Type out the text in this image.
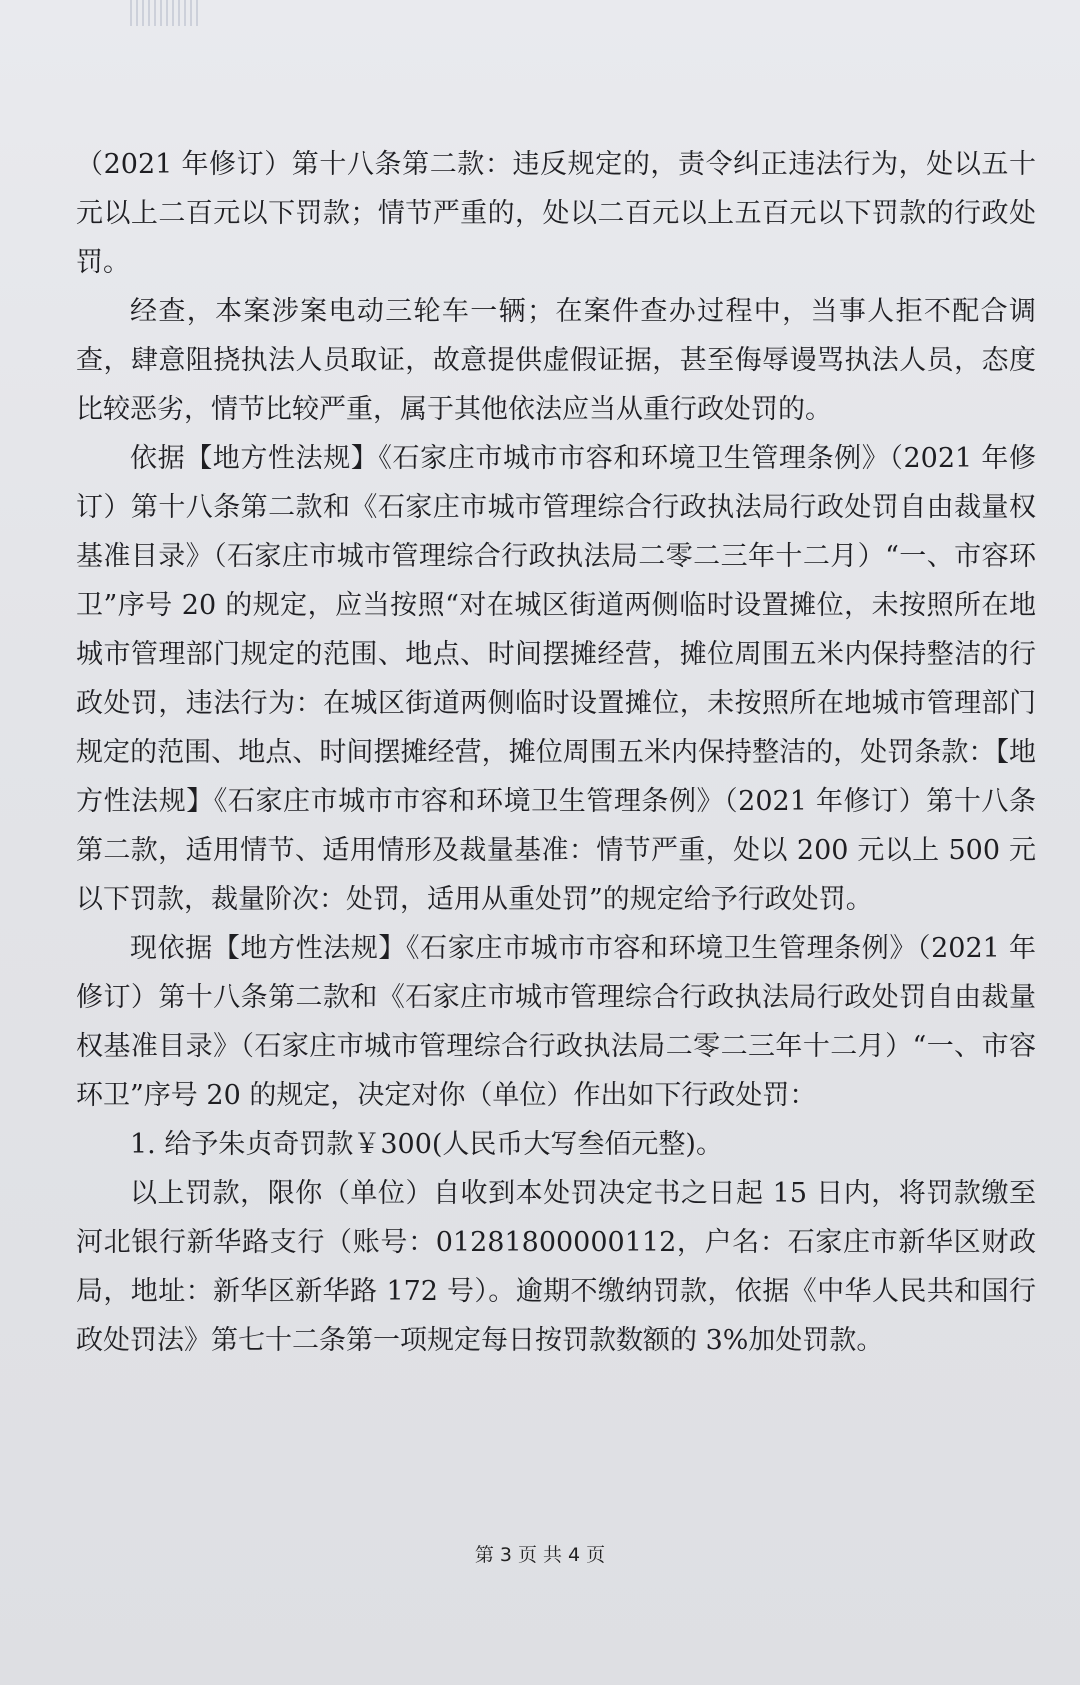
（2021 年修订）第十八条第二款：违反规定的，责令纠正违法行为，处以五十元以上二百元以下罚款；情节严重的，处以二百元以上五百元以下罚款的行政处罚。

经查，本案涉案电动三轮车一辆；在案件查办过程中，当事人拒不配合调查，肆意阻挠执法人员取证，故意提供虚假证据，甚至侮辱谩骂执法人员，态度比较恶劣，情节比较严重，属于其他依法应当从重行政处罚的。

依据【地方性法规】《石家庄市城市市容和环境卫生管理条例》（2021 年修订）第十八条第二款和《石家庄市城市管理综合行政执法局行政处罚自由裁量权基准目录》（石家庄市城市管理综合行政执法局二零二三年十二月）“一、市容环卫”序号 20 的规定，应当按照“对在城区街道两侧临时设置摊位，未按照所在地城市管理部门规定的范围、地点、时间摆摊经营，摊位周围五米内保持整洁的行政处罚，违法行为：在城区街道两侧临时设置摊位，未按照所在地城市管理部门规定的范围、地点、时间摆摊经营，摊位周围五米内保持整洁的，处罚条款：【地方性法规】《石家庄市城市市容和环境卫生管理条例》（2021 年修订）第十八条第二款，适用情节、适用情形及裁量基准：情节严重，处以 200 元以上 500 元以下罚款，裁量阶次：处罚，适用从重处罚”的规定给予行政处罚。

现依据【地方性法规】《石家庄市城市市容和环境卫生管理条例》（2021 年修订）第十八条第二款和《石家庄市城市管理综合行政执法局行政处罚自由裁量权基准目录》（石家庄市城市管理综合行政执法局二零二三年十二月）“一、市容环卫”序号 20 的规定，决定对你（单位）作出如下行政处罚：

1. 给予朱贞奇罚款￥300(人民币大写叁佰元整)。

以上罚款，限你（单位）自收到本处罚决定书之日起 15 日内，将罚款缴至河北银行新华路支行（账号：01281800000112，户名：石家庄市新华区财政局，地址：新华区新华路 172 号）。逾期不缴纳罚款，依据《中华人民共和国行政处罚法》第七十二条第一项规定每日按罚款数额的 3%加处罚款。

第 3 页 共 4 页
